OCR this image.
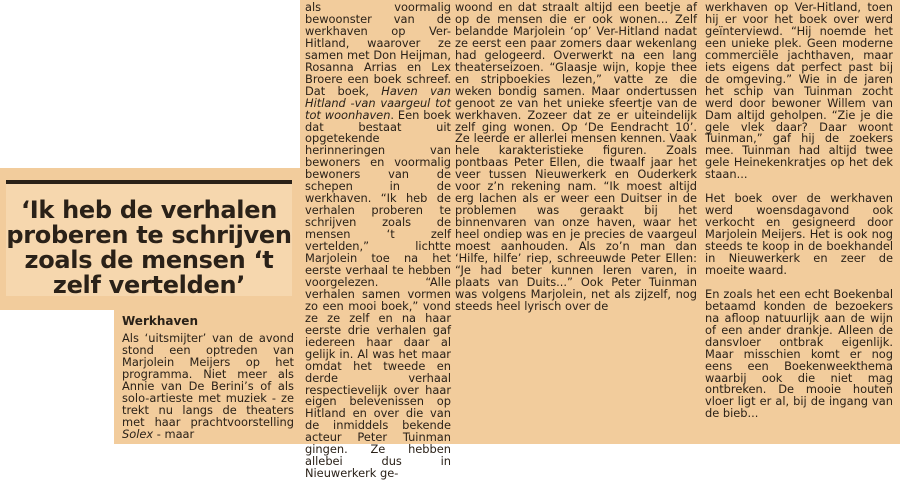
‘Ik heb de verhalen proberen te schrijven zoals de mensen ‘t zelf vertelden’

als voormalig bewoonster van de werkhaven op Ver-Hitland, waarover ze samen met Don Heijman, Rosanna Arrias en Lex Broere een boek schreef. Dat boek, Haven van Hitland -van vaargeul tot tot woonhaven. Een boek dat bestaat uit opgetekende herinneringen van bewoners en voormalig bewoners van de schepen in de werkhaven. “Ik heb de verhalen proberen te schrijven zoals de mensen ‘t zelf vertelden,” lichtte Marjolein toe na het eerste verhaal te hebben voorgelezen. “Alle verhalen samen vormen zo een mooi boek,” vond ze ze zelf en na haar eerste drie verhalen gaf iedereen haar daar al gelijk in. Al was het maar omdat het tweede en derde verhaal respectievelijk over haar eigen belevenissen op Hitland en over die van de inmiddels bekende acteur Peter Tuinman gingen. Ze hebben allebei dus in Nieuwerkerk ge-

woond en dat straalt altijd een beetje af op de mensen die er ook wonen... Zelf belandde Marjolein ‘op’ Ver-Hitland nadat ze eerst een paar zomers daar wekenlang had gelogeerd. Overwerkt na een lang theaterseizoen. “Glaasje wijn, kopje thee en stripboekies lezen,” vatte ze die weken bondig samen. Maar ondertussen genoot ze van het unieke sfeertje van de werkhaven. Zozeer dat ze er uiteindelijk zelf ging wonen. Op ‘De Eendracht 10’. Ze leerde er allerlei mensen kennen. Vaak hele karakteristieke figuren. Zoals pontbaas Peter Ellen, die twaalf jaar het veer tussen Nieuwerkerk en Ouderkerk voor z’n rekening nam. “Ik moest altijd erg lachen als er weer een Duitser in de problemen was geraakt bij het binnenvaren van onze haven, waar het heel ondiep was en je precies de vaargeul moest aanhouden. Als zo’n man dan ‘Hilfe, hilfe’ riep, schreeuwde Peter Ellen: “Je had beter kunnen leren varen, in plaats van Duits...” Ook Peter Tuinman was volgens Marjolein, net als zijzelf, nog steeds heel lyrisch over de

werkhaven op Ver-Hitland, toen hij er voor het boek over werd geïnterviewd. “Hij noemde het een unieke plek. Geen moderne commerciële jachthaven, maar iets eigens dat perfect past bij de omgeving.” Wie in de jaren het schip van Tuinman zocht werd door bewoner Willem van Dam altijd geholpen. “Zie je die gele vlek daar? Daar woont Tuinman,” gaf hij de zoekers mee. Tuinman had altijd twee gele Heinekenkratjes op het dek staan...

Het boek over de werkhaven werd woensdagavond ook verkocht en gesigneerd door Marjolein Meijers. Het is ook nog steeds te koop in de boekhandel in Nieuwerkerk en zeer de moeite waard.

En zoals het een echt Boekenbal betaamd konden de bezoekers na afloop natuurlijk aan de wijn of een ander drankje. Alleen de dansvloer ontbrak eigenlijk. Maar misschien komt er nog eens een Boekenweekthema waarbij ook die niet mag ontbreken. De mooie houten vloer ligt er al, bij de ingang van de bieb...

Werkhaven

Als ‘uitsmijter’ van de avond stond een optreden van Marjolein Meijers op het programma. Niet meer als Annie van De Berini’s of als solo-artieste met muziek - ze trekt nu langs de theaters met haar prachtvoorstelling Solex - maar
